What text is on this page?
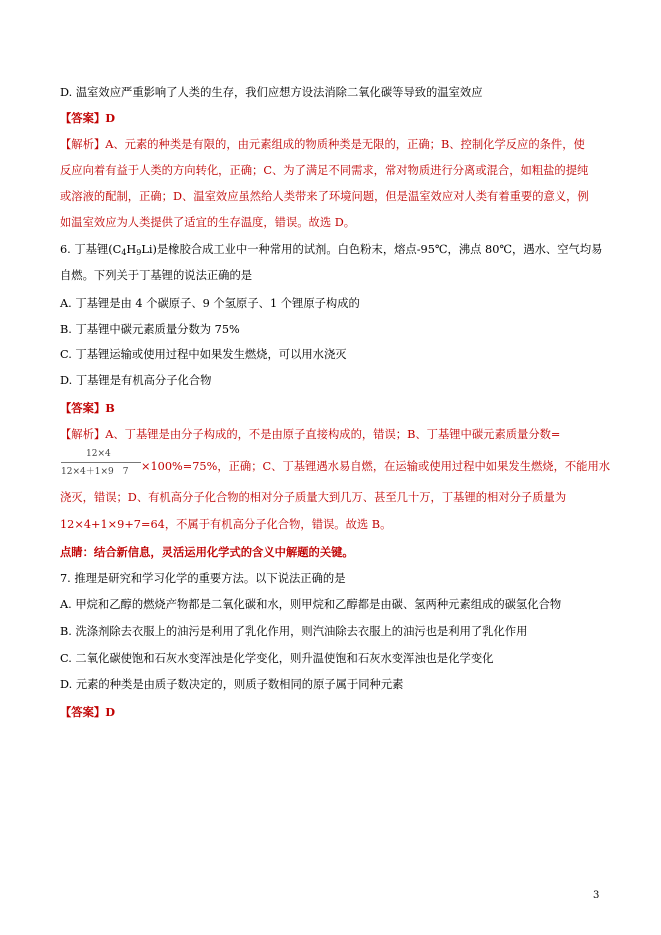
D. 温室效应严重影响了人类的生存，我们应想方设法消除二氧化碳等导致的温室效应
【答案】D
【解析】A、元素的种类是有限的，由元素组成的物质种类是无限的，正确；B、控制化学反应的条件，使
反应向着有益于人类的方向转化，正确；C、为了满足不同需求，常对物质进行分离或混合，如粗盐的提纯
或溶液的配制，正确；D、温室效应虽然给人类带来了环境问题，但是温室效应对人类有着重要的意义，例
如温室效应为人类提供了适宜的生存温度，错误。故选 D。
6. 丁基锂$(C_4H_9Li)$是橡胶合成工业中一种常用的试剂。白色粉末，熔点-95℃，沸点 80℃，遇水、空气均易
自燃。下列关于丁基锂的说法正确的是
A. 丁基锂是由 4 个碳原子、9 个氢原子、1 个锂原子构成的
B. 丁基锂中碳元素质量分数为 75%
C. 丁基锂运输或使用过程中如果发生燃烧，可以用水浇灭
D. 丁基锂是有机高分子化合物
【答案】B
【解析】A、丁基锂是由分子构成的，不是由原子直接构成的，错误；B、丁基锂中碳元素质量分数=
12×4
12×4＋1×9　7 ×100%=75%，正确；C、丁基锂遇水易自燃，在运输或使用过程中如果发生燃烧，不能用水
浇灭，错误；D、有机高分子化合物的相对分子质量大到几万、甚至几十万，丁基锂的相对分子质量为
12×4+1×9+7=64，不属于有机高分子化合物，错误。故选 B。
点睛：结合新信息，灵活运用化学式的含义中解题的关键。
7. 推理是研究和学习化学的重要方法。以下说法正确的是
A. 甲烷和乙醇的燃烧产物都是二氧化碳和水，则甲烷和乙醇都是由碳、氢两种元素组成的碳氢化合物
B. 洗涤剂除去衣服上的油污是利用了乳化作用，则汽油除去衣服上的油污也是利用了乳化作用
C. 二氧化碳使饱和石灰水变浑浊是化学变化，则升温使饱和石灰水变浑浊也是化学变化
D. 元素的种类是由质子数决定的，则质子数相同的原子属于同种元素
【答案】D
3
